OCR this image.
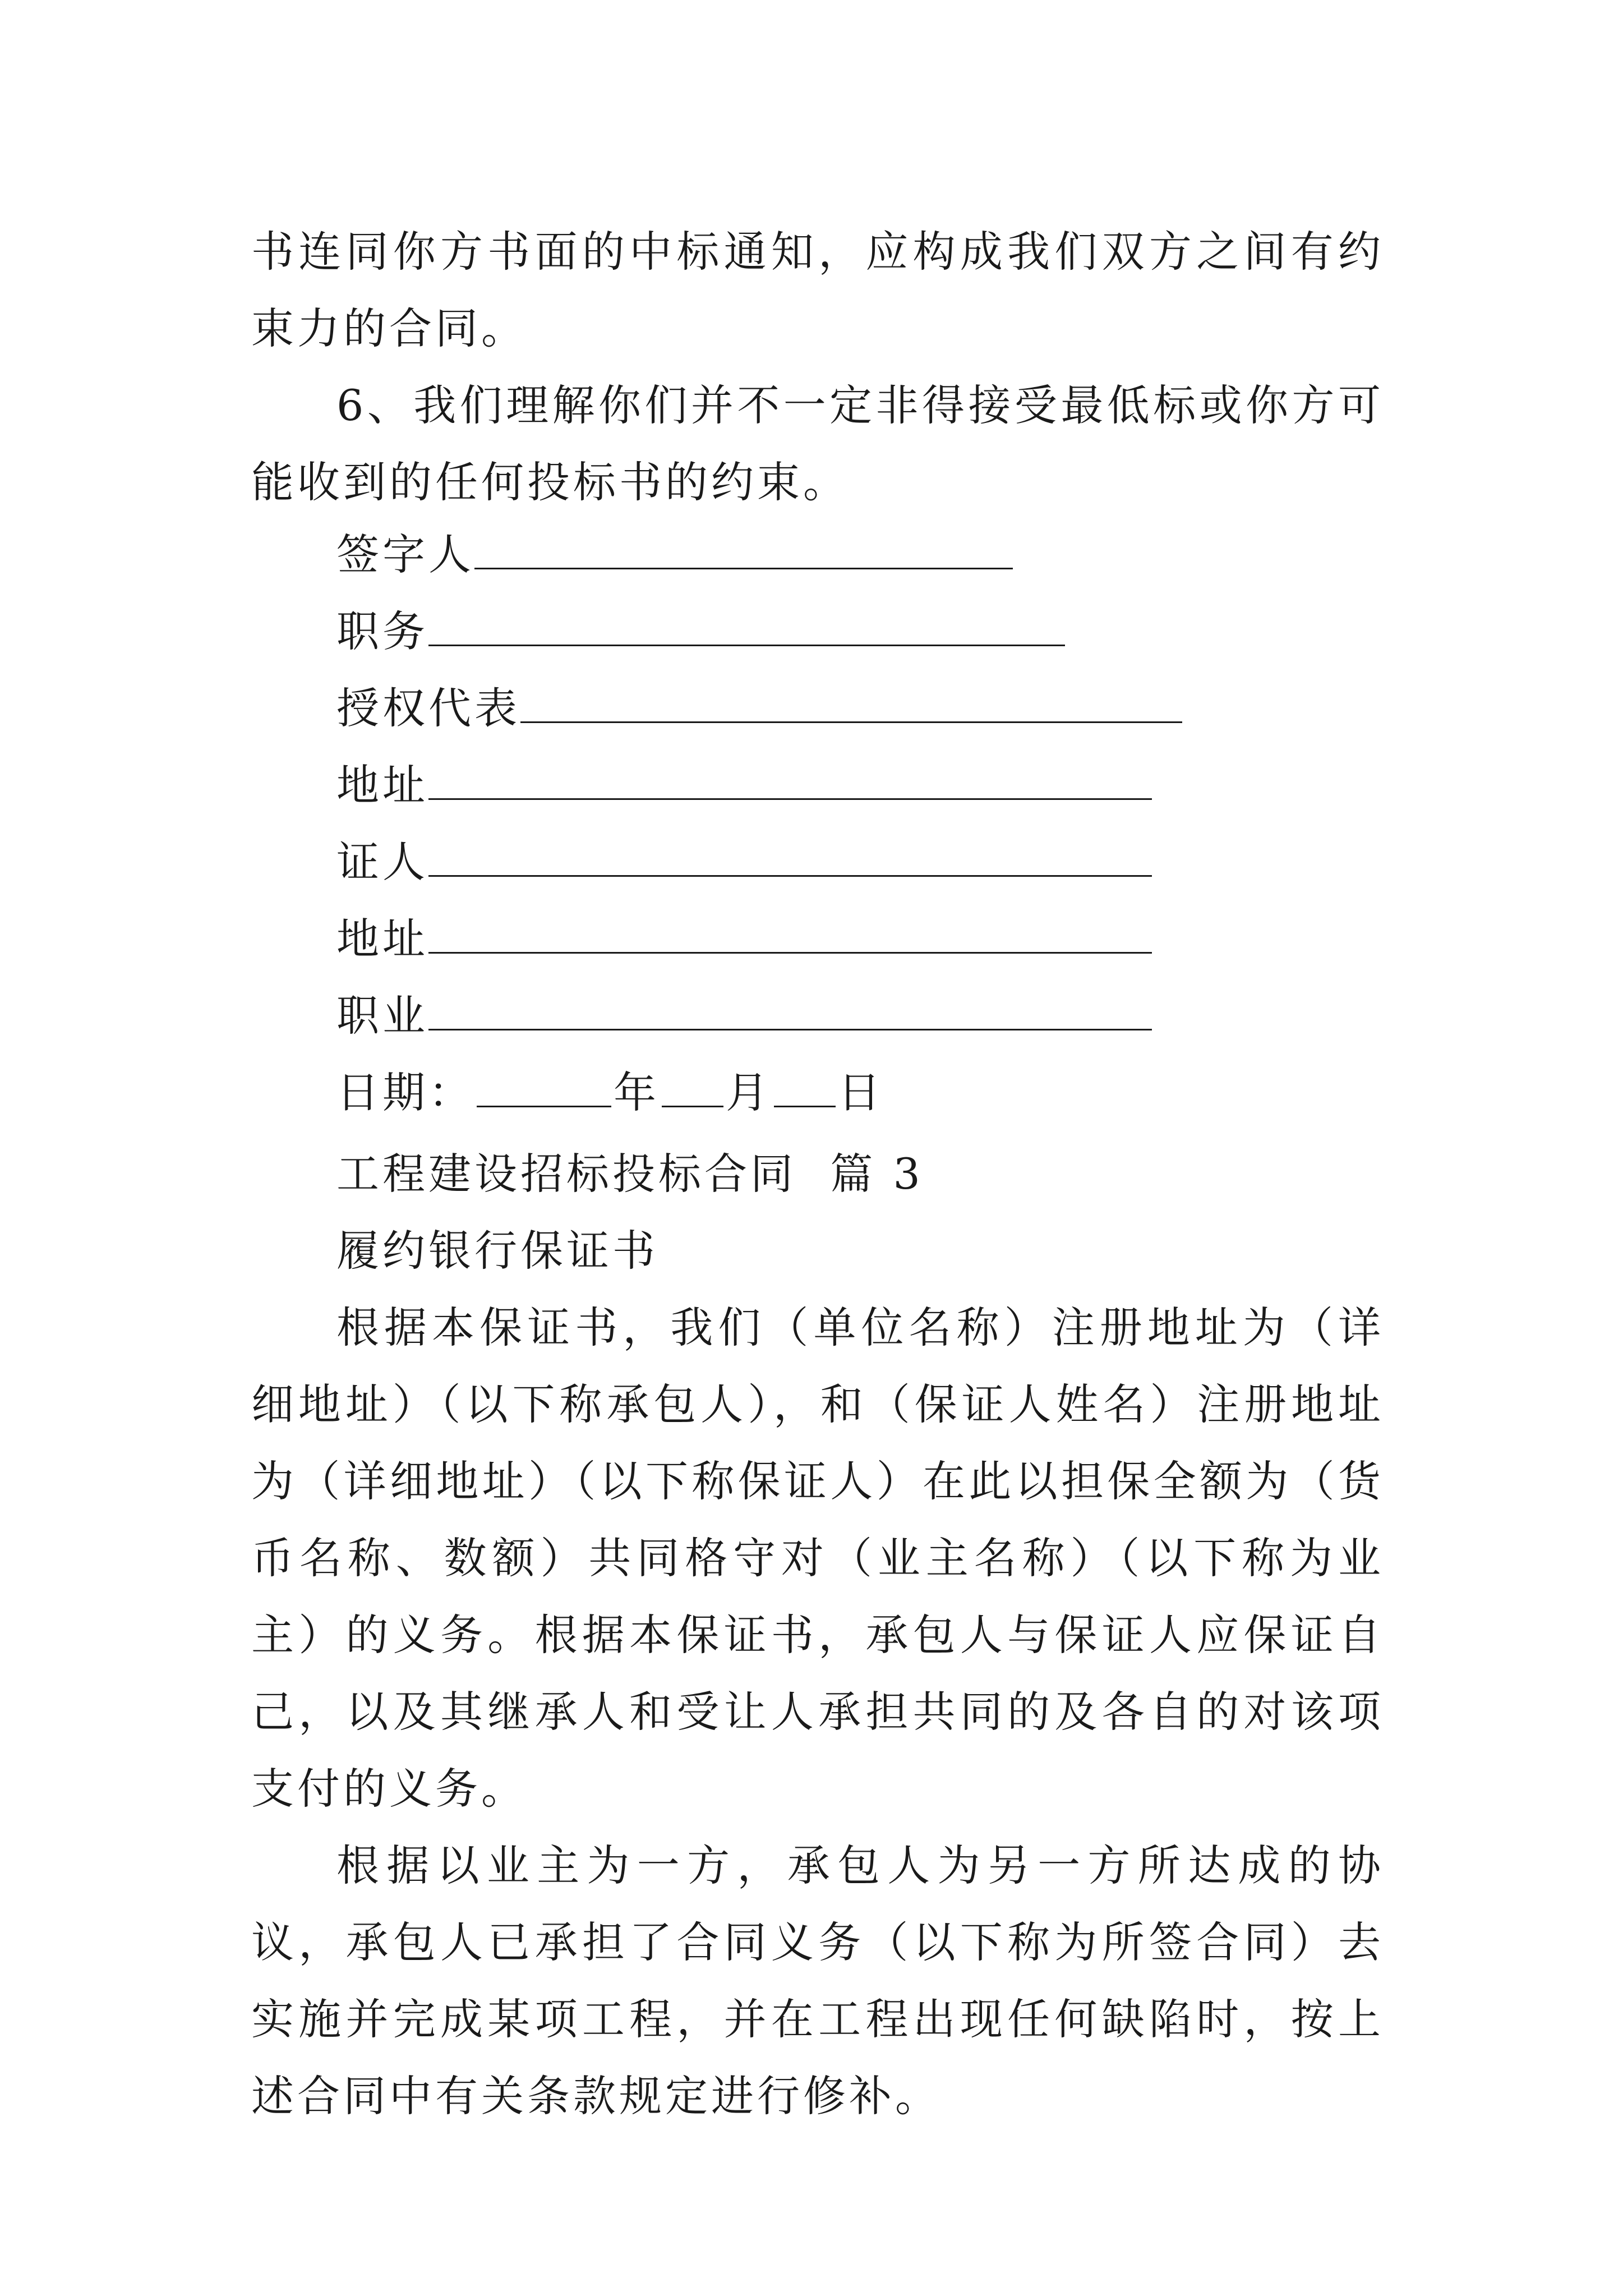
书连同你方书面的中标通知，应构成我们双方之间有约束力的合同。

6、我们理解你们并不一定非得接受最低标或你方可能收到的任何投标书的约束。

签字人
职务
授权代表
地址
证人
地址
职业
日期：	年 月 日

工程建设招标投标合同  篇 3

履约银行保证书

根据本保证书，我们（单位名称）注册地址为（详细地址）（以下称承包人），和（保证人姓名）注册地址为（详细地址）（以下称保证人）在此以担保全额为（货币名称、数额）共同格守对（业主名称）（以下称为业主）的义务。根据本保证书，承包人与保证人应保证自己，以及其继承人和受让人承担共同的及各自的对该项支付的义务。

根据以业主为一方，承包人为另一方所达成的协议，承包人已承担了合同义务（以下称为所签合同）去实施并完成某项工程，并在工程出现任何缺陷时，按上述合同中有关条款规定进行修补。
